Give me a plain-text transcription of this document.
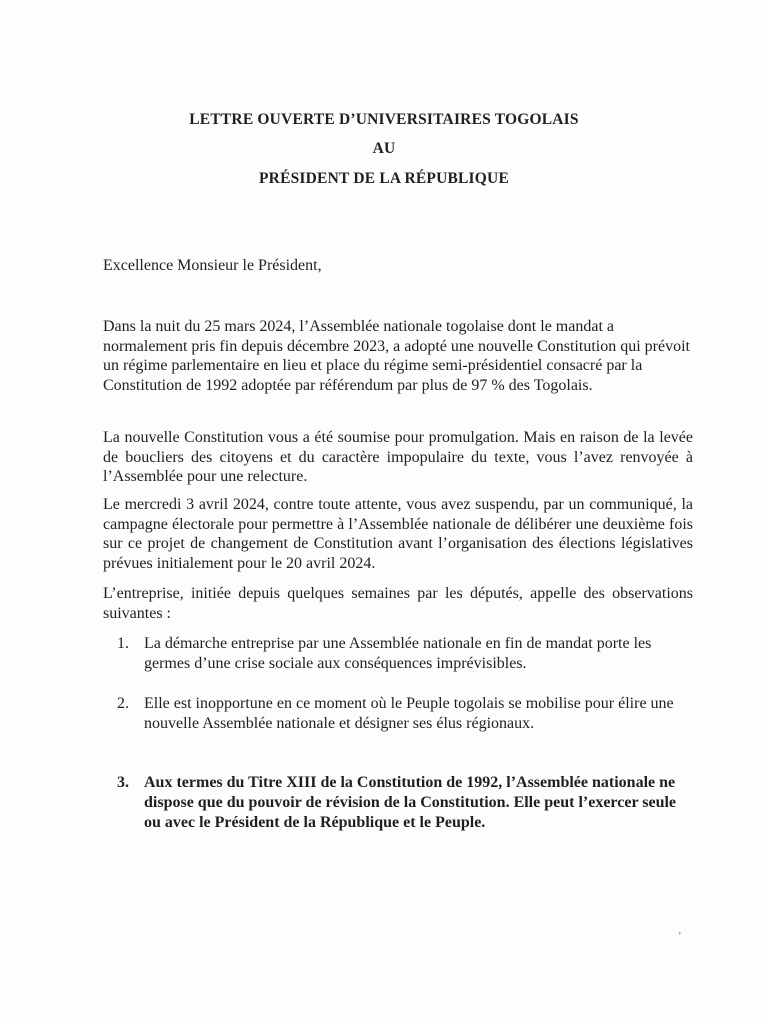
LETTRE OUVERTE D’UNIVERSITAIRES TOGOLAIS
AU
PRÉSIDENT DE LA RÉPUBLIQUE
Excellence Monsieur le Président,
Dans la nuit du 25 mars 2024, l’Assemblée nationale togolaise dont le mandat a normalement pris fin depuis décembre 2023, a adopté une nouvelle Constitution qui prévoit un régime parlementaire en lieu et place du régime semi-présidentiel consacré par la Constitution de 1992 adoptée par référendum par plus de 97 % des Togolais.
La nouvelle Constitution vous a été soumise pour promulgation. Mais en raison de la levée de boucliers des citoyens et du caractère impopulaire du texte, vous l’avez renvoyée à l’Assemblée pour une relecture.
Le mercredi 3 avril 2024, contre toute attente, vous avez suspendu, par un communiqué, la campagne électorale pour permettre à l’Assemblée nationale de délibérer une deuxième fois sur ce projet de changement de Constitution avant l’organisation des élections législatives prévues initialement pour le 20 avril 2024.
L’entreprise, initiée depuis quelques semaines par les députés, appelle des observations suivantes :
1. La démarche entreprise par une Assemblée nationale en fin de mandat porte les germes d’une crise sociale aux conséquences imprévisibles.
2. Elle est inopportune en ce moment où le Peuple togolais se mobilise pour élire une nouvelle Assemblée nationale et désigner ses élus régionaux.
3. Aux termes du Titre XIII de la Constitution de 1992, l’Assemblée nationale ne dispose que du pouvoir de révision de la Constitution. Elle peut l’exercer seule ou avec le Président de la République et le Peuple.
'
